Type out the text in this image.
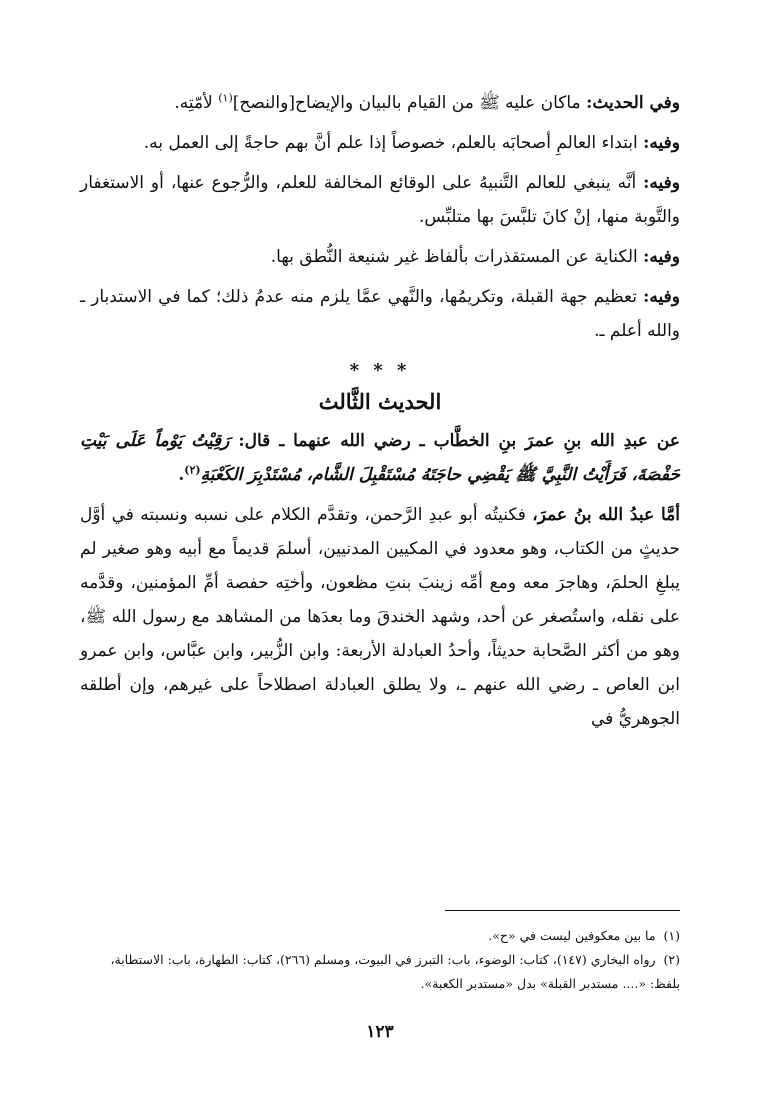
وفي الحديث: ماكان عليه ﷺ من القيام بالبيان والإيضاح[والنصح]$^{(١)}$ لأمّتِه.

وفيه: ابتداء العالمِ أصحابَه بالعلم، خصوصاً إذا علم أنَّ بهم حاجةً إلى العمل به.

وفيه: أنَّه ينبغي للعالم التَّنبيهُ على الوقائع المخالفة للعلم، والرُّجوع عنها، أو الاستغفار والتَّوبة منها، إنْ كانَ تلبَّسَ بها متلبِّس.

وفيه: الكناية عن المستقذرات بألفاظ غير شنيعة النُّطق بها.

وفيه: تعظيم جهة القبلة، وتكريمُها، والنَّهي عمَّا يلزم منه عدمُ ذلك؛ كما في الاستدبار ـ والله أعلم ـ.

* * *
الحديث الثَّالث

عن عبدِ الله بنِ عمرَ بنِ الخطَّاب ـ رضي الله عنهما ـ قال: رَقِيْتُ يَوْماً عَلَى بَيْتِ حَفْصَةَ، فَرَأَيْتُ النَّبِيَّ ﷺ يَقْضِي حاجَتَهُ مُسْتَقْبِلَ الشَّام، مُسْتَدْبِرَ الكَعْبَةِ$^{(٢)}$.

أمَّا عبدُ الله بنُ عمرَ، فكنيتُه أبو عبدِ الرَّحمن، وتقدَّم الكلام على نسبه ونسبته في أوَّل حديثٍ من الكتاب، وهو معدود في المكيين المدنيين، أسلمَ قديماً مع أبيه وهو صغير لم يبلغِ الحلمَ، وهاجرَ معه ومع أمِّه زينبَ بنتِ مظعون، وأختِه حفصة أمِّ المؤمنين، وقدَّمه على نقله، واستُصغر عن أحد، وشهد الخندقَ وما بعدَها من المشاهد مع رسول الله ﷺ، وهو من أكثر الصَّحابة حديثاً، وأحدُ العبادلة الأربعة: وابن الزُّبير، وابن عبَّاس، وابن عمرو ابن العاص ـ رضي الله عنهم ـ، ولا يطلق العبادلة اصطلاحاً على غيرهم، وإن أطلقه الجوهريُّ في

(١)  ما بين معكوفين ليست في «ح».

(٢)  رواه البخاري (١٤٧)، كتاب: الوضوء، باب: التبرز في البيوت، ومسلم (٢٦٦)، كتاب: الطهارة، باب: الاستطابة، بلفظ: «.... مستدبر القبلة» بدل «مستدبر الكعبة».

١٢٣
